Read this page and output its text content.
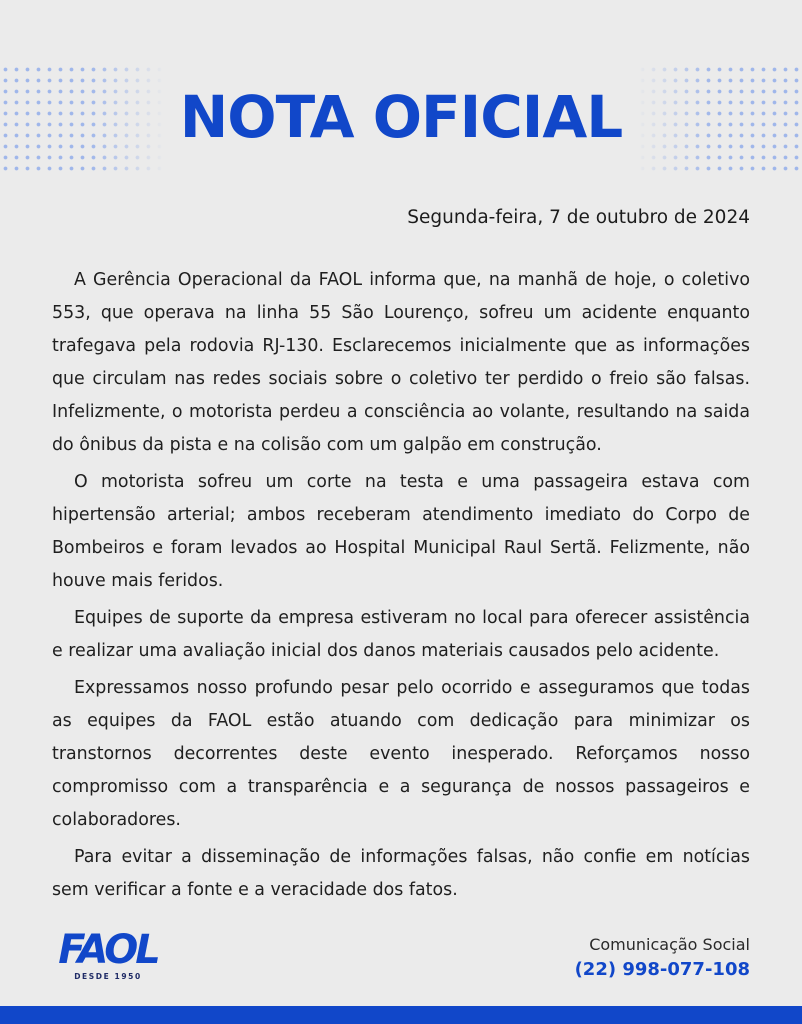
NOTA OFICIAL
Segunda-feira, 7 de outubro de 2024

A Gerência Operacional da FAOL informa que, na manhã de hoje, o coletivo 553, que operava na linha 55 São Lourenço, sofreu um acidente enquanto trafegava pela rodovia RJ-130. Esclarecemos inicialmente que as informações que circulam nas redes sociais sobre o coletivo ter perdido o freio são falsas. Infelizmente, o motorista perdeu a consciência ao volante, resultando na saida do ônibus da pista e na colisão com um galpão em construção.

O motorista sofreu um corte na testa e uma passageira estava com hipertensão arterial; ambos receberam atendimento imediato do Corpo de Bombeiros e foram levados ao Hospital Municipal Raul Sertã. Felizmente, não houve mais feridos.

Equipes de suporte da empresa estiveram no local para oferecer assistência e realizar uma avaliação inicial dos danos materiais causados pelo acidente.

Expressamos nosso profundo pesar pelo ocorrido e asseguramos que todas as equipes da FAOL estão atuando com dedicação para minimizar os transtornos decorrentes deste evento inesperado. Reforçamos nosso compromisso com a transparência e a segurança de nossos passageiros e colaboradores.

Para evitar a disseminação de informações falsas, não confie em notícias sem verificar a fonte e a veracidade dos fatos.

FAOL
DESDE 1950
Comunicação Social
(22) 998-077-108
